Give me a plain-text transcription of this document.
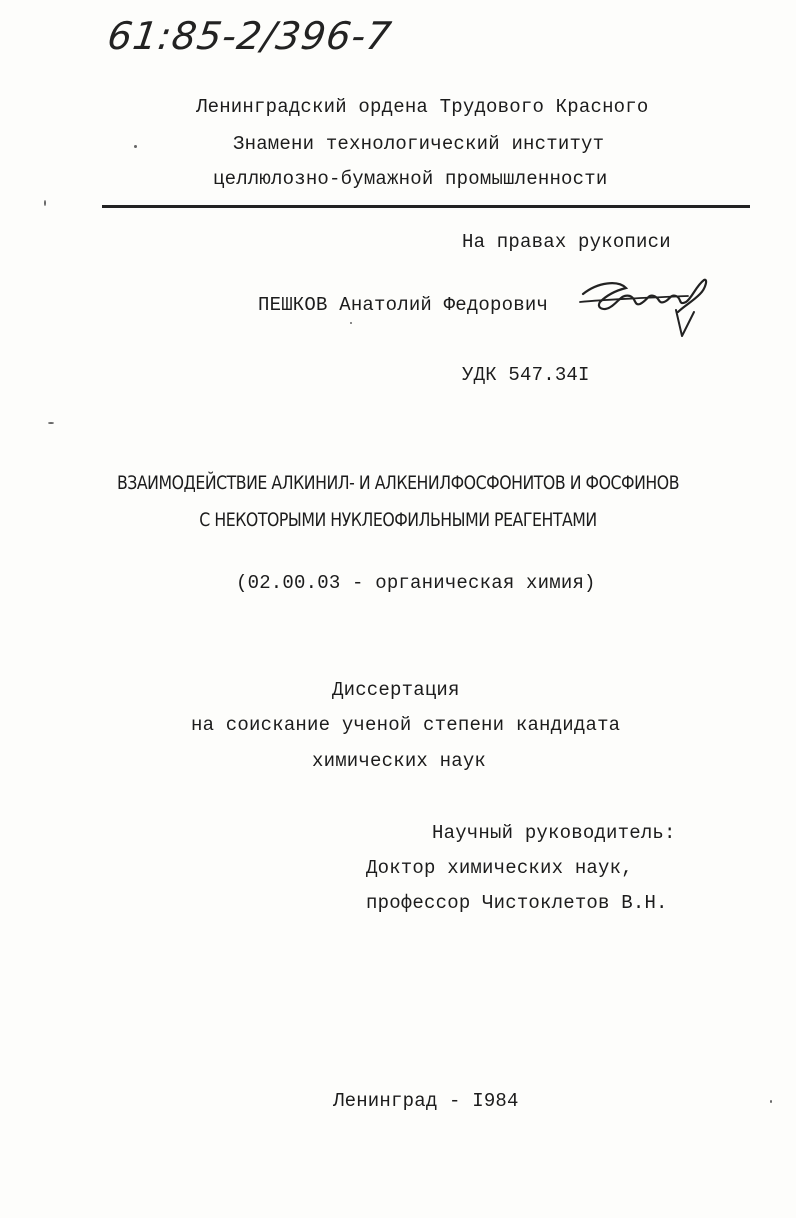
61:85-2/396-7
Ленинградский ордена Трудового Красного
Знамени технологический институт
целлюлозно-бумажной промышленности
На правах рукописи
ПЕШКОВ Анатолий Федорович
УДК 547.34I
ВЗАИМОДЕЙСТВИЕ АЛКИНИЛ- И АЛКЕНИЛФОСФОНИТОВ И ФОСФИНОВ
С НЕКОТОРЫМИ НУКЛЕОФИЛЬНЫМИ РЕАГЕНТАМИ
(02.00.03 - органическая химия)
Диссертация
на соискание ученой степени кандидата
химических наук
Научный руководитель:
Доктор химических наук,
профессор Чистоклетов В.Н.
Ленинград - I984
